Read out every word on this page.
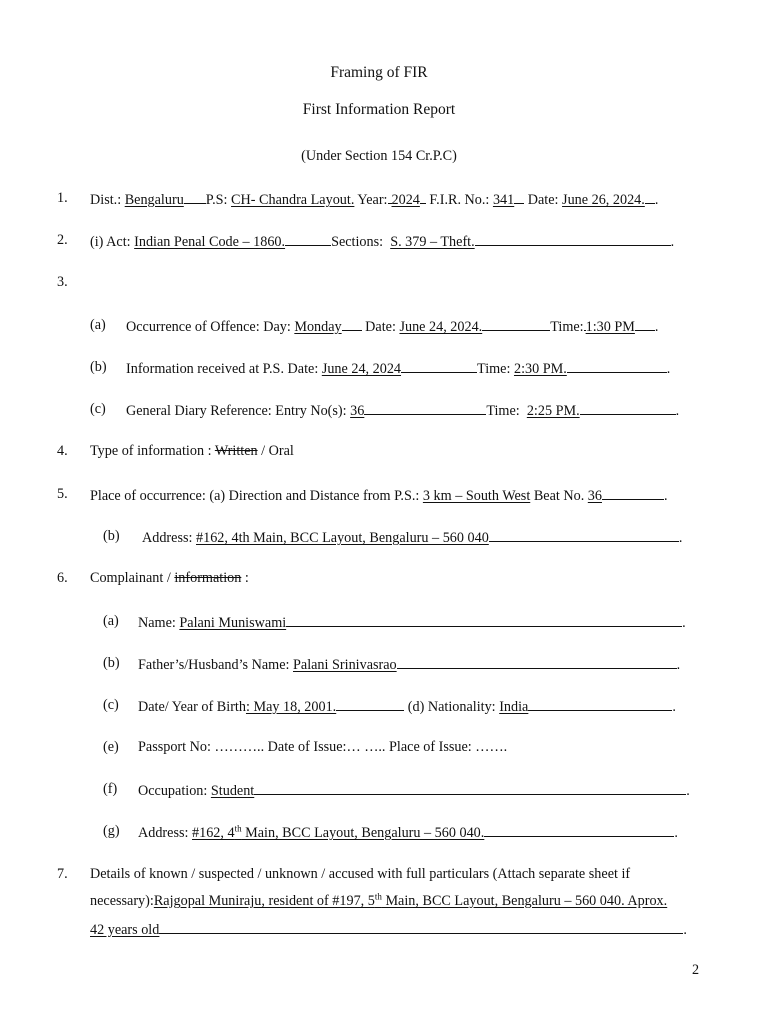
Framing of FIR
First Information Report
(Under Section 154 Cr.P.C)
1. Dist.: Bengaluru P.S: CH- Chandra Layout. Year: 2024 F.I.R. No.: 341 Date: June 26, 2024. .
2. (i) Act: Indian Penal Code – 1860.	Sections: S. 379 – Theft.	.
3.
(a) Occurrence of Offence: Day: Monday Date: June 24, 2024.	Time: 1:30 PM .
(b) Information received at P.S. Date: June 24, 2024	Time: 2:30 PM.	.
(c) General Diary Reference: Entry No(s): 36	Time: 2:25 PM.	.
4. Type of information : Written / Oral
5. Place of occurrence: (a) Direction and Distance from P.S.: 3 km – South West Beat No. 36	.
(b) Address: #162, 4th Main, BCC Layout, Bengaluru – 560 040	.
6. Complainant / information :
(a) Name: Palani Muniswami	.
(b) Father’s/Husband’s Name: Palani Srinivasrao	.
(c) Date/ Year of Birth: May 18, 2001.	(d) Nationality: India	.
(e) Passport No: ……….. Date of Issue:… ….. Place of Issue: …….
(f) Occupation: Student	.
(g) Address: #162, 4th Main, BCC Layout, Bengaluru – 560 040.	.
7. Details of known / suspected / unknown / accused with full particulars (Attach separate sheet if
necessary):Rajgopal Muniraju, resident of #197, 5th Main, BCC Layout, Bengaluru – 560 040. Aprox.
42 years old	.
2
